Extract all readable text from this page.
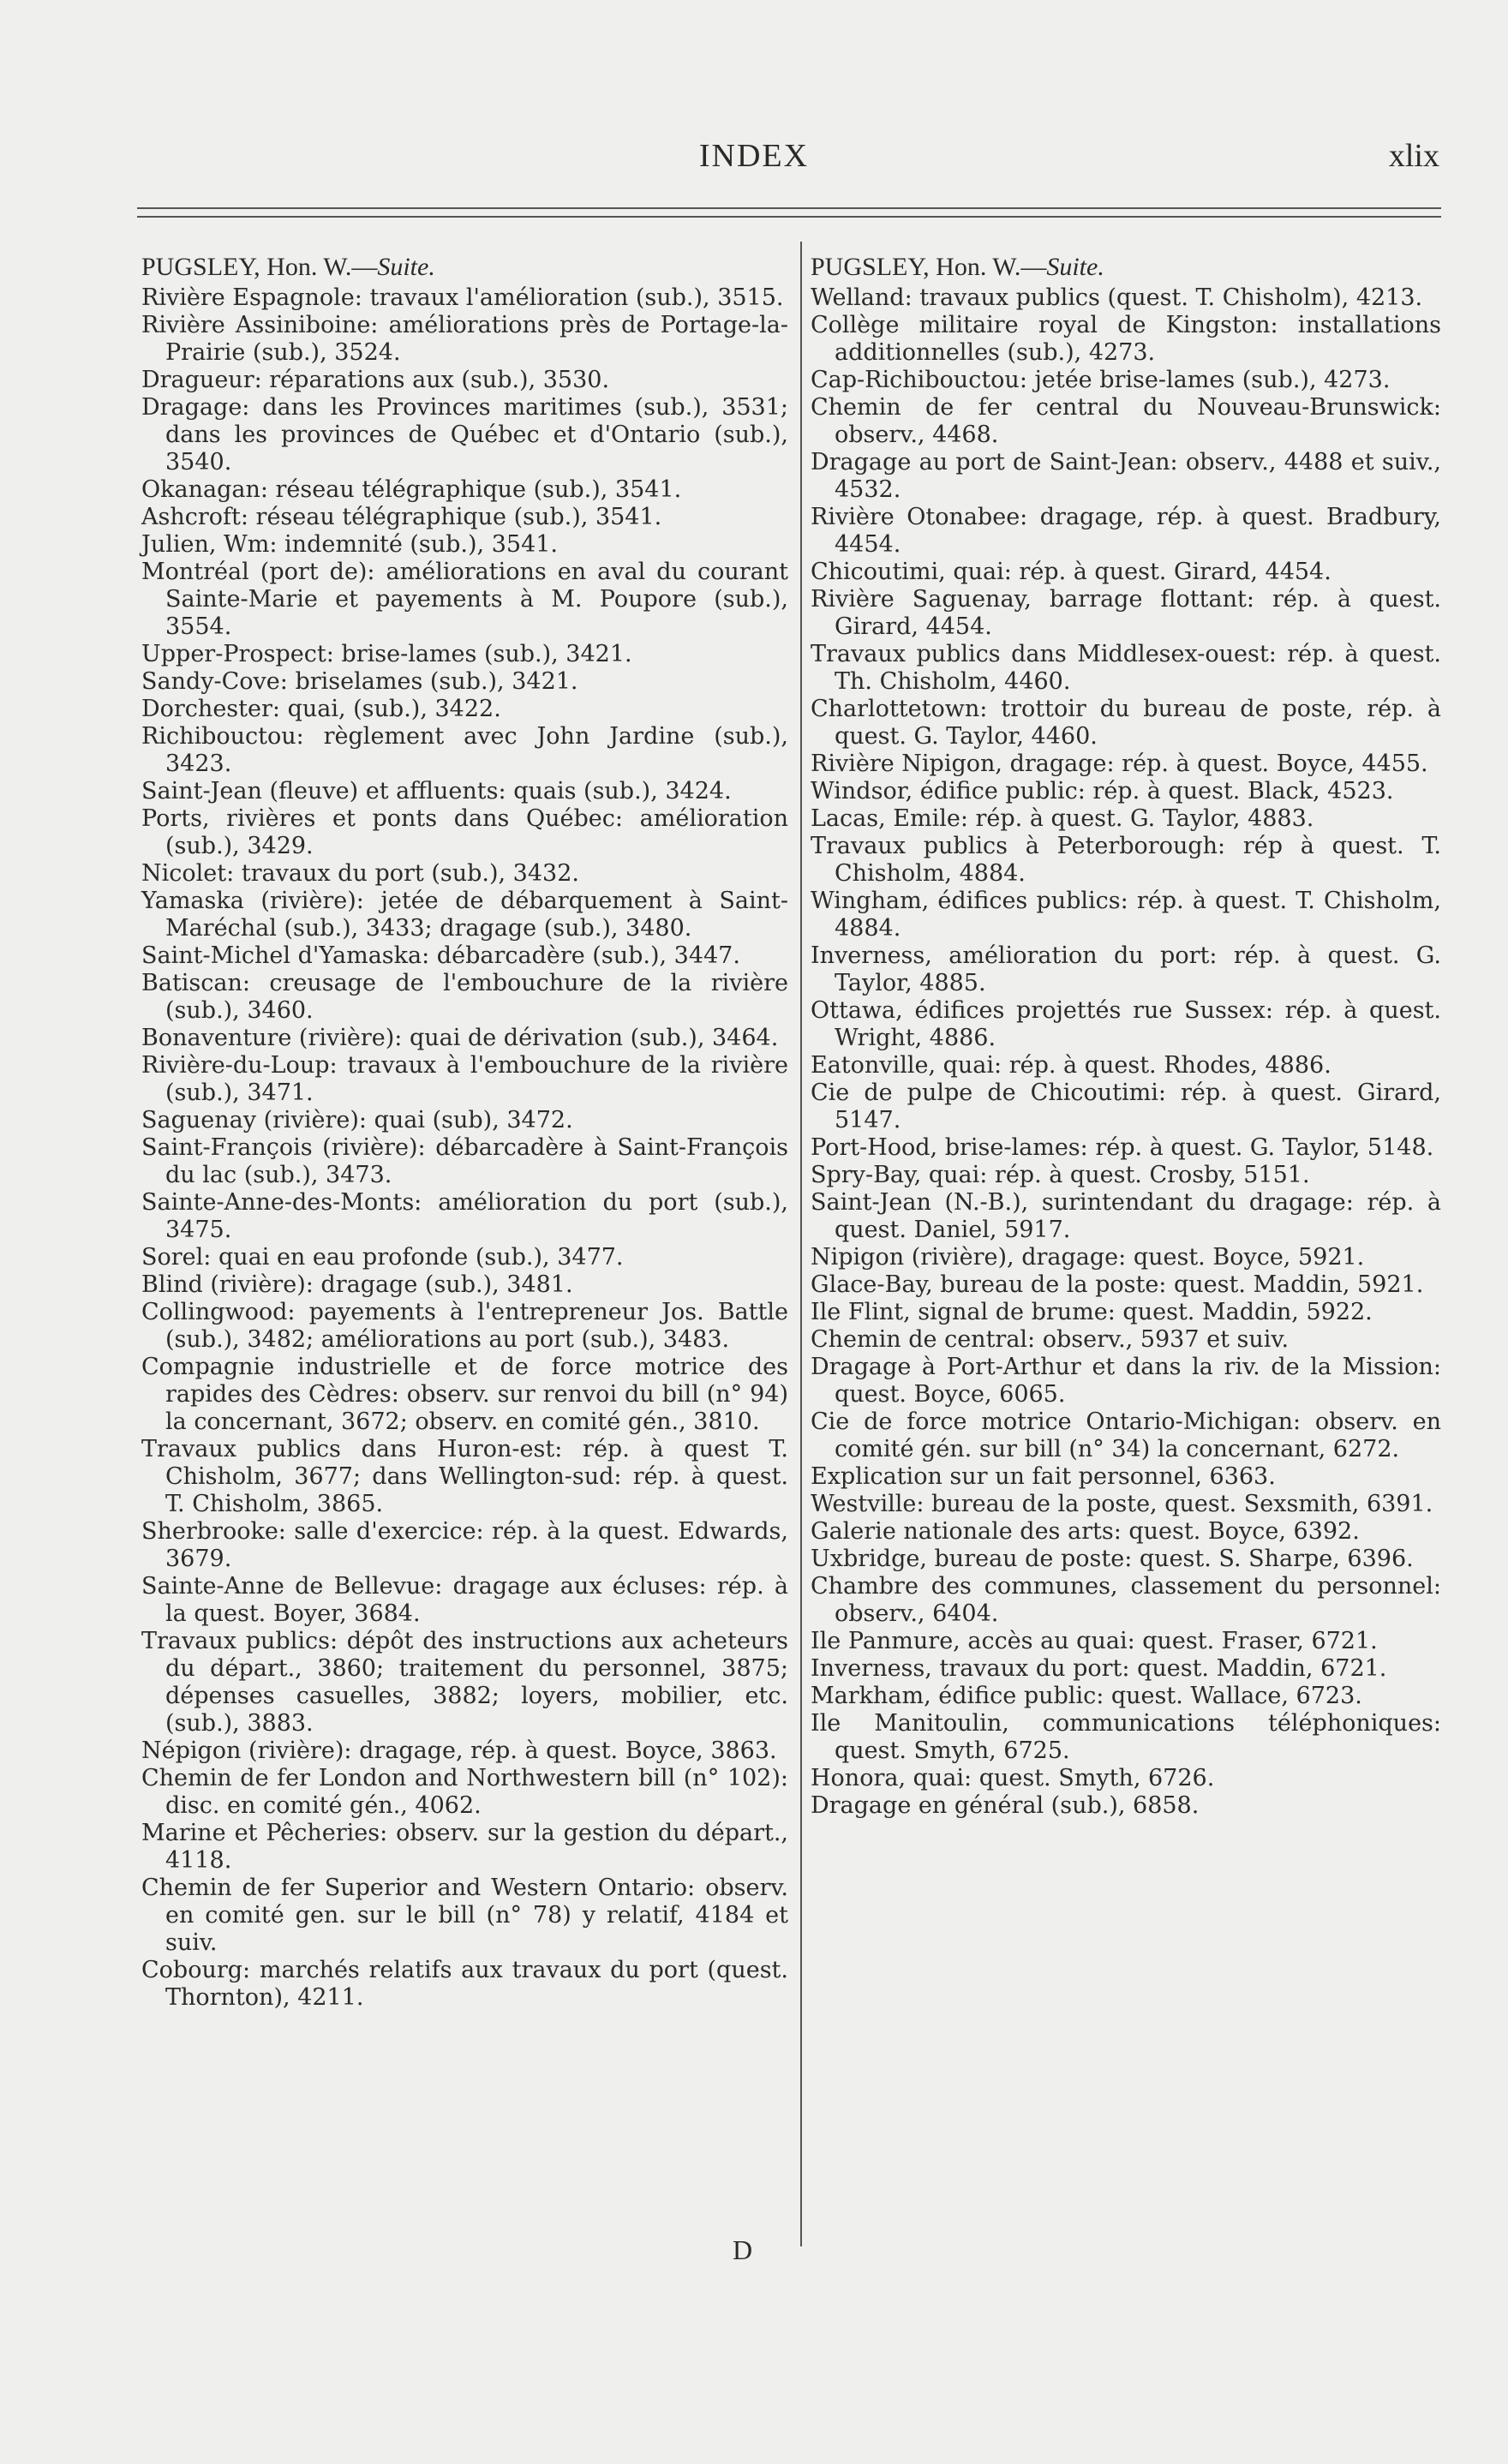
INDEX	xlix
PUGSLEY, Hon. W.—Suite.

Rivière Espagnole: travaux l'amélioration (sub.), 3515.

Rivière Assiniboine: améliorations près de Portage-la-Prairie (sub.), 3524.

Dragueur: réparations aux (sub.), 3530.

Dragage: dans les Provinces maritimes (sub.), 3531; dans les provinces de Québec et d'Ontario (sub.), 3540.

Okanagan: réseau télégraphique (sub.), 3541.

Ashcroft: réseau télégraphique (sub.), 3541.

Julien, Wm: indemnité (sub.), 3541.

Montréal (port de): améliorations en aval du courant Sainte-Marie et payements à M. Poupore (sub.), 3554.

Upper-Prospect: brise-lames (sub.), 3421.

Sandy-Cove: briselames (sub.), 3421.

Dorchester: quai, (sub.), 3422.

Richibouctou: règlement avec John Jardine (sub.), 3423.

Saint-Jean (fleuve) et affluents: quais (sub.), 3424.

Ports, rivières et ponts dans Québec: amélioration (sub.), 3429.

Nicolet: travaux du port (sub.), 3432.

Yamaska (rivière): jetée de débarquement à Saint-Maréchal (sub.), 3433; dragage (sub.), 3480.

Saint-Michel d'Yamaska: débarcadère (sub.), 3447.

Batiscan: creusage de l'embouchure de la rivière (sub.), 3460.

Bonaventure (rivière): quai de dérivation (sub.), 3464.

Rivière-du-Loup: travaux à l'embouchure de la rivière (sub.), 3471.

Saguenay (rivière): quai (sub), 3472.

Saint-François (rivière): débarcadère à Saint-François du lac (sub.), 3473.

Sainte-Anne-des-Monts: amélioration du port (sub.), 3475.

Sorel: quai en eau profonde (sub.), 3477.

Blind (rivière): dragage (sub.), 3481.

Collingwood: payements à l'entrepreneur Jos. Battle (sub.), 3482; améliorations au port (sub.), 3483.

Compagnie industrielle et de force motrice des rapides des Cèdres: observ. sur renvoi du bill (n° 94) la concernant, 3672; observ. en comité gén., 3810.

Travaux publics dans Huron-est: rép. à quest T. Chisholm, 3677; dans Wellington-sud: rép. à quest. T. Chisholm, 3865.

Sherbrooke: salle d'exercice: rép. à la quest. Edwards, 3679.

Sainte-Anne de Bellevue: dragage aux écluses: rép. à la quest. Boyer, 3684.

Travaux publics: dépôt des instructions aux acheteurs du départ., 3860; traitement du personnel, 3875; dépenses casuelles, 3882; loyers, mobilier, etc. (sub.), 3883.

Népigon (rivière): dragage, rép. à quest. Boyce, 3863.

Chemin de fer London and Northwestern bill (n° 102): disc. en comité gén., 4062.

Marine et Pêcheries: observ. sur la gestion du départ., 4118.

Chemin de fer Superior and Western Ontario: observ. en comité gen. sur le bill (n° 78) y relatif, 4184 et suiv.

Cobourg: marchés relatifs aux travaux du port (quest. Thornton), 4211.

PUGSLEY, Hon. W.—Suite.

Welland: travaux publics (quest. T. Chisholm), 4213.

Collège militaire royal de Kingston: installations additionnelles (sub.), 4273.

Cap-Richibouctou: jetée brise-lames (sub.), 4273.

Chemin de fer central du Nouveau-Brunswick: observ., 4468.

Dragage au port de Saint-Jean: observ., 4488 et suiv., 4532.

Rivière Otonabee: dragage, rép. à quest. Bradbury, 4454.

Chicoutimi, quai: rép. à quest. Girard, 4454.

Rivière Saguenay, barrage flottant: rép. à quest. Girard, 4454.

Travaux publics dans Middlesex-ouest: rép. à quest. Th. Chisholm, 4460.

Charlottetown: trottoir du bureau de poste, rép. à quest. G. Taylor, 4460.

Rivière Nipigon, dragage: rép. à quest. Boyce, 4455.

Windsor, édifice public: rép. à quest. Black, 4523.

Lacas, Emile: rép. à quest. G. Taylor, 4883.

Travaux publics à Peterborough: rép à quest. T. Chisholm, 4884.

Wingham, édifices publics: rép. à quest. T. Chisholm, 4884.

Inverness, amélioration du port: rép. à quest. G. Taylor, 4885.

Ottawa, édifices projettés rue Sussex: rép. à quest. Wright, 4886.

Eatonville, quai: rép. à quest. Rhodes, 4886.

Cie de pulpe de Chicoutimi: rép. à quest. Girard, 5147.

Port-Hood, brise-lames: rép. à quest. G. Taylor, 5148.

Spry-Bay, quai: rép. à quest. Crosby, 5151.

Saint-Jean (N.-B.), surintendant du dragage: rép. à quest. Daniel, 5917.

Nipigon (rivière), dragage: quest. Boyce, 5921.

Glace-Bay, bureau de la poste: quest. Maddin, 5921.

Ile Flint, signal de brume: quest. Maddin, 5922.

Chemin de central: observ., 5937 et suiv.

Dragage à Port-Arthur et dans la riv. de la Mission: quest. Boyce, 6065.

Cie de force motrice Ontario-Michigan: observ. en comité gén. sur bill (n° 34) la concernant, 6272.

Explication sur un fait personnel, 6363.

Westville: bureau de la poste, quest. Sexsmith, 6391.

Galerie nationale des arts: quest. Boyce, 6392.

Uxbridge, bureau de poste: quest. S. Sharpe, 6396.

Chambre des communes, classement du personnel: observ., 6404.

Ile Panmure, accès au quai: quest. Fraser, 6721.

Inverness, travaux du port: quest. Maddin, 6721.

Markham, édifice public: quest. Wallace, 6723.

Ile Manitoulin, communications téléphoniques: quest. Smyth, 6725.

Honora, quai: quest. Smyth, 6726.

Dragage en général (sub.), 6858.

D
